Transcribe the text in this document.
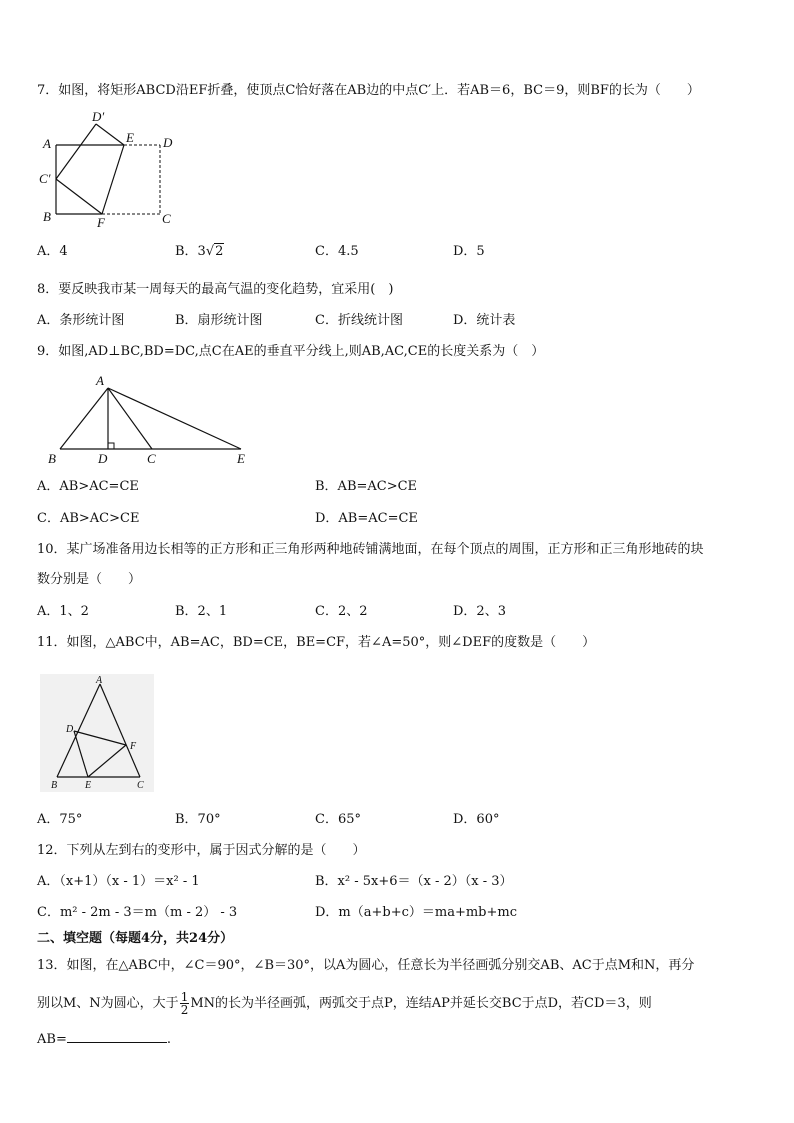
7．如图，将矩形ABCD沿EF折叠，使顶点C恰好落在AB边的中点C′上．若AB＝6，BC＝9，则BF的长为（　　）
D′
E D
A
C′
B	F	C
A．4	B．3√2	C．4.5	D．5
8．要反映我市某一周每天的最高气温的变化趋势，宜采用(　)
A．条形统计图	B．扇形统计图	C．折线统计图	D．统计表
9．如图,AD⊥BC,BD=DC,点C在AE的垂直平分线上,则AB,AC,CE的长度关系为（　）
A
B	D	C	E
A．AB>AC=CE	B．AB=AC>CE
C．AB>AC>CE	D．AB=AC=CE
10．某广场准备用边长相等的正方形和正三角形两种地砖铺满地面，在每个顶点的周围，正方形和正三角形地砖的块
数分别是（　　）
A．1、2	B．2、1	C．2、2	D．2、3
11．如图，△ABC中，AB=AC，BD=CE，BE=CF，若∠A=50°，则∠DEF的度数是（　　）
A
D
F
B	E	C
A．75°	B．70°	C．65°	D．60°
12．下列从左到右的变形中，属于因式分解的是（　　）
A．（x+1）（x - 1）＝x² - 1	B．x² - 5x+6＝（x - 2）（x - 3）
C．m² - 2m - 3＝m（m - 2） - 3	D．m（a+b+c）＝ma+mb+mc
二、填空题（每题4分，共24分）
13．如图，在△ABC中，∠C＝90°，∠B＝30°，以A为圆心，任意长为半径画弧分别交AB、AC于点M和N，再分
别以M、N为圆心，大于 $\frac{1}{2}$ MN的长为半径画弧，两弧交于点P，连结AP并延长交BC于点D，若CD＝3，则
AB=	.
